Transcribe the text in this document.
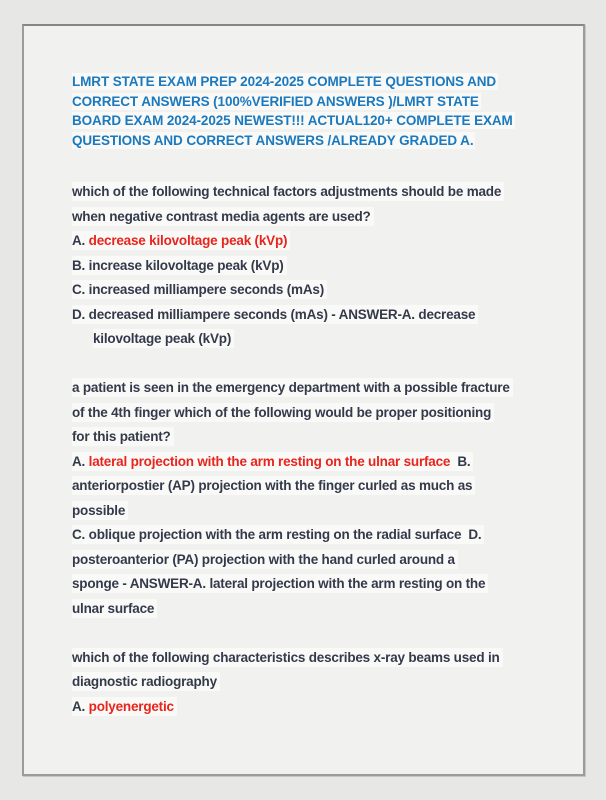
LMRT STATE EXAM PREP 2024-2025 COMPLETE QUESTIONS AND
CORRECT ANSWERS (100%VERIFIED ANSWERS )/LMRT STATE
BOARD EXAM 2024-2025 NEWEST!!! ACTUAL120+ COMPLETE EXAM
QUESTIONS AND CORRECT ANSWERS /ALREADY GRADED A.
which of the following technical factors adjustments should be made
when negative contrast media agents are used?
A. decrease kilovoltage peak (kVp)
B. increase kilovoltage peak (kVp)
C. increased milliampere seconds (mAs)
D. decreased milliampere seconds (mAs) - ANSWER-A. decrease
kilovoltage peak (kVp)
a patient is seen in the emergency department with a possible fracture
of the 4th finger which of the following would be proper positioning
for this patient?
A. lateral projection with the arm resting on the ulnar surface  B.
anteriorpostier (AP) projection with the finger curled as much as
possible
C. oblique projection with the arm resting on the radial surface  D.
posteroanterior (PA) projection with the hand curled around a
sponge - ANSWER-A. lateral projection with the arm resting on the
ulnar surface
which of the following characteristics describes x-ray beams used in
diagnostic radiography
A. polyenergetic
